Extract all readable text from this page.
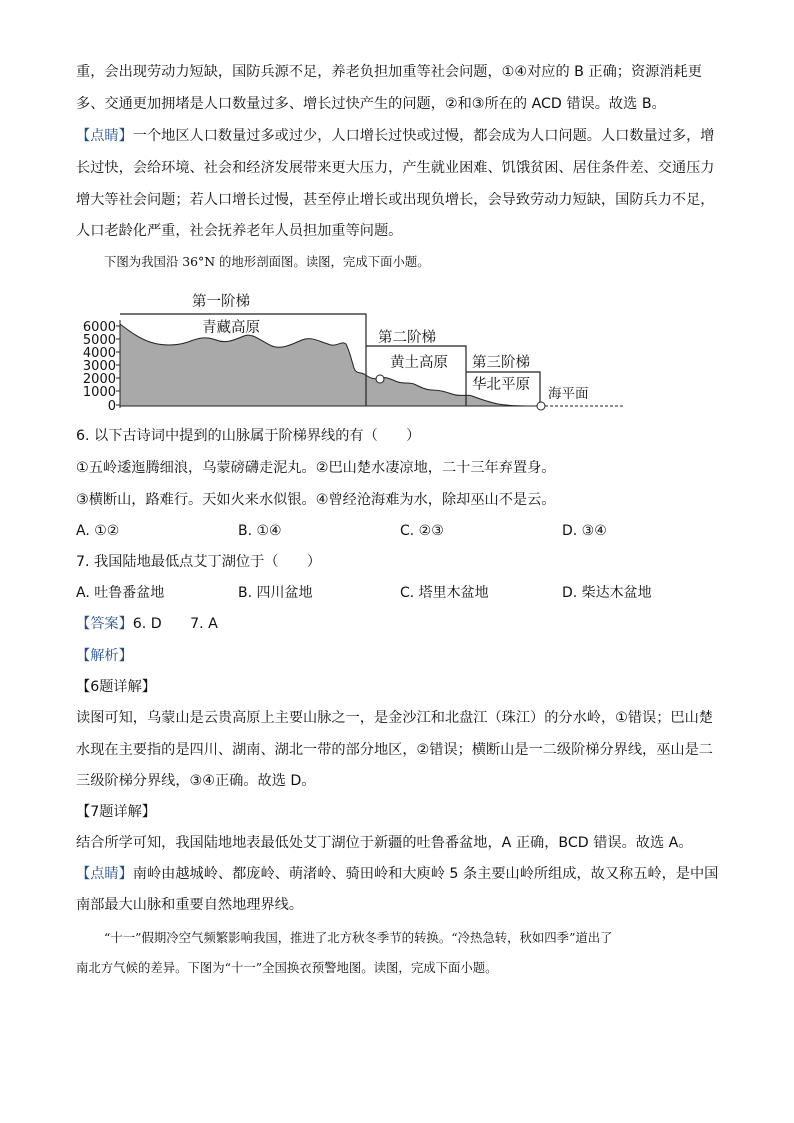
重，会出现劳动力短缺，国防兵源不足，养老负担加重等社会问题，①④对应的 B 正确；资源消耗更
多、交通更加拥堵是人口数量过多、增长过快产生的问题，②和③所在的 ACD 错误。故选 B。
【点睛】一个地区人口数量过多或过少，人口增长过快或过慢，都会成为人口问题。人口数量过多，增
长过快，会给环境、社会和经济发展带来更大压力，产生就业困难、饥饿贫困、居住条件差、交通压力
增大等社会问题；若人口增长过慢，甚至停止增长或出现负增长，会导致劳动力短缺，国防兵力不足，
人口老龄化严重，社会抚养老年人员担加重等问题。
下图为我国沿 36°N 的地形剖面图。读图，完成下面小题。
6000
5000
4000
3000
2000
1000
0
第一阶梯
青藏高原
第二阶梯
黄土高原 第三阶梯
华北平原
海平面
6. 以下古诗词中提到的山脉属于阶梯界线的有（　　）
①五岭逶迤腾细浪，乌蒙磅礴走泥丸。②巴山楚水凄凉地，二十三年弃置身。
③横断山，路难行。天如火来水似银。④曾经沧海难为水，除却巫山不是云。
A. ①②	B. ①④	C. ②③	D. ③④
7. 我国陆地最低点艾丁湖位于（　　）
A. 吐鲁番盆地	B. 四川盆地	C. 塔里木盆地	D. 柴达木盆地
【答案】6. D　　7. A
【解析】
【6题详解】
读图可知，乌蒙山是云贵高原上主要山脉之一，是金沙江和北盘江（珠江）的分水岭，①错误；巴山楚
水现在主要指的是四川、湖南、湖北一带的部分地区，②错误；横断山是一二级阶梯分界线，巫山是二
三级阶梯分界线，③④正确。故选 D。
【7题详解】
结合所学可知，我国陆地地表最低处艾丁湖位于新疆的吐鲁番盆地，A 正确，BCD 错误。故选 A。
【点睛】南岭由越城岭、都庞岭、萌渚岭、骑田岭和大庾岭 5 条主要山岭所组成，故又称五岭，是中国
南部最大山脉和重要自然地理界线。
“十一”假期冷空气频繁影响我国，推进了北方秋冬季节的转换。“冷热急转，秋如四季”道出了
南北方气候的差异。下图为“十一”全国换衣预警地图。读图，完成下面小题。
